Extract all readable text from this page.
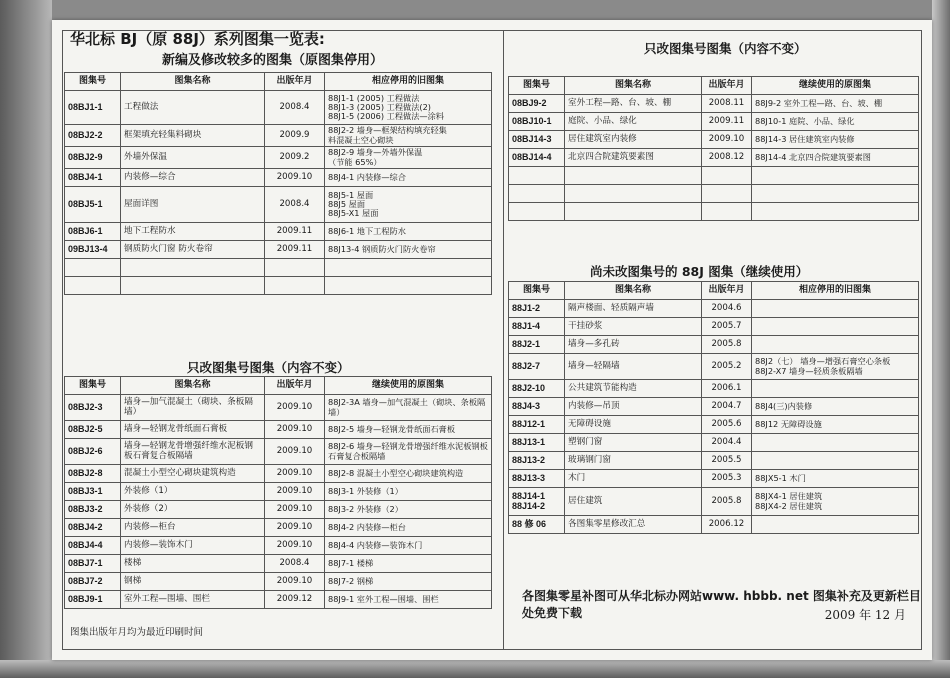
华北标 BJ（原 88J）系列图集一览表:
新编及修改较多的图集（原图集停用）
图集号	图集名称	出版年月	相应停用的旧图集
08BJ1-1	工程做法	2008.4	88J1-1 (2005) 工程做法
88J1-3 (2005) 工程做法(2)
88J1-5 (2006) 工程做法—涂料
08BJ2-2	框架填充轻集料砌块	2009.9	88J2-2 墙身—框架结构填充轻集
料混凝土空心砌块
08BJ2-9	外墙外保温	2009.2	88J2-9 墙身—外墙外保温
（节能 65%）
08BJ4-1	内装修—综合	2009.10	88J4-1 内装修—综合
08BJ5-1	屋面详图	2008.4	88J5-1 屋面
88J5 屋面
88J5-X1 屋面
08BJ6-1	地下工程防水	2009.11	88J6-1 地下工程防水
09BJ13-4	钢质防火门窗 防火卷帘	2009.11	88J13-4 钢质防火门防火卷帘

只改图集号图集（内容不变）
图集号	图集名称	出版年月	继续使用的原图集
08BJ2-3	墙身—加气混凝土（砌块、条板隔墙）	2009.10	88J2-3A 墙身—加气混凝土（砌块、条板隔墙）
08BJ2-5	墙身—轻钢龙骨纸面石膏板	2009.10	88J2-5 墙身—轻钢龙骨纸面石膏板
08BJ2-6	墙身—轻钢龙骨增强纤维水泥板钢板石膏复合板隔墙	2009.10	88J2-6 墙身—轻钢龙骨增强纤维水泥板钢板石膏复合板隔墙
08BJ2-8	混凝土小型空心砌块建筑构造	2009.10	88J2-8 混凝土小型空心砌块建筑构造
08BJ3-1	外装修（1）	2009.10	88J3-1 外装修（1）
08BJ3-2	外装修（2）	2009.10	88J3-2 外装修（2）
08BJ4-2	内装修—柜台	2009.10	88J4-2 内装修—柜台
08BJ4-4	内装修—装饰木门	2009.10	88J4-4 内装修—装饰木门
08BJ7-1	楼梯	2008.4	88J7-1 楼梯
08BJ7-2	钢梯	2009.10	88J7-2 钢梯
08BJ9-1	室外工程—围墙、围栏	2009.12	88J9-1 室外工程—围墙、围栏
图集出版年月均为最近印刷时间
只改图集号图集（内容不变）
图集号	图集名称	出版年月	继续使用的原图集
08BJ9-2	室外工程—路、台、坡、棚	2008.11	88J9-2 室外工程—路、台、坡、棚
08BJ10-1	庭院、小品、绿化	2009.11	88J10-1 庭院、小品、绿化
08BJ14-3	居住建筑室内装修	2009.10	88J14-3 居住建筑室内装修
08BJ14-4	北京四合院建筑要素图	2008.12	88J14-4 北京四合院建筑要素图

尚未改图集号的 88J 图集（继续使用）
图集号	图集名称	出版年月	相应停用的旧图集
88J1-2	隔声楼面、轻质隔声墙	2004.6	
88J1-4	干挂砂浆	2005.7	
88J2-1	墙身—多孔砖	2005.8	
88J2-7	墙身—轻隔墙	2005.2	88J2（七） 墙身—增强石膏空心条板
88J2-X7 墙身—轻质条板隔墙
88J2-10	公共建筑节能构造	2006.1	
88J4-3	内装修—吊顶	2004.7	88J4(三)内装修
88J12-1	无障碍设施	2005.6	88J12 无障碍设施
88J13-1	塑钢门窗	2004.4	
88J13-2	玻璃钢门窗	2005.5	
88J13-3	木门	2005.3	88JX5-1 木门
88J14-1
88J14-2	居住建筑	2005.8	88JX4-1 居住建筑
88JX4-2 居住建筑
88 修 06	各图集零星修改汇总	2006.12	
各图集零星补图可从华北标办网站www. hbbb. net 图集补充及更新栏目处免费下载	2009 年 12 月
